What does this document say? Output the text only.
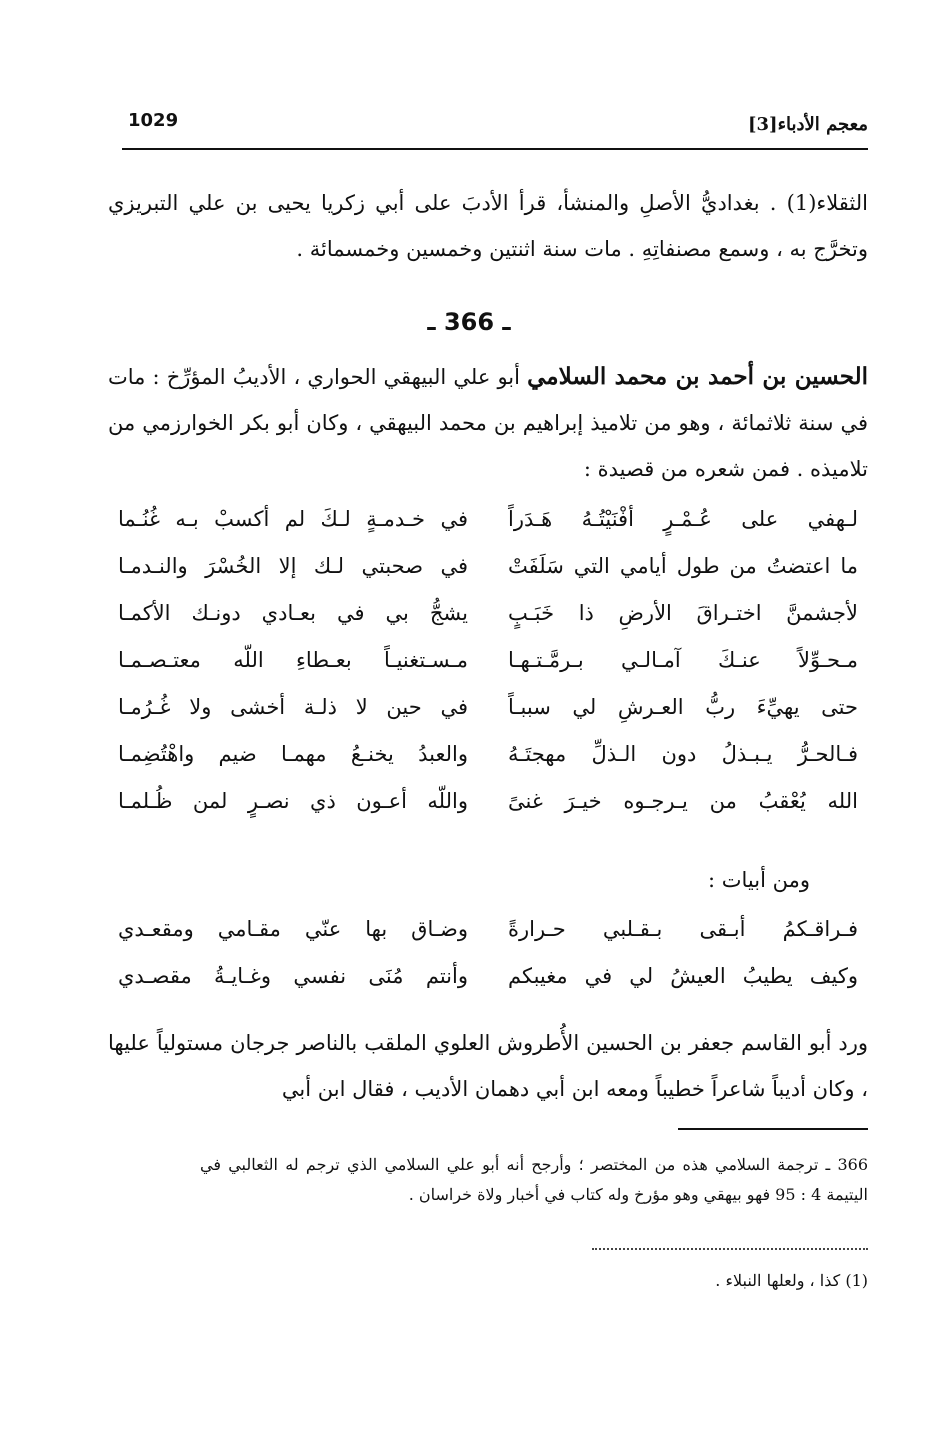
1029	معجم الأدباء[3]
الثقلاء(1) . بغداديُّ الأصلِ والمنشأ، قرأ الأدبَ على أبي زكريا يحيى بن علي التبريزي وتخرَّج به ، وسمع مصنفاتِهِ . مات سنة اثنتين وخمسين وخمسمائة .
ـ 366 ـ
الحسين بن أحمد بن محمد السلامي أبو علي البيهقي الحواري ، الأديبُ المؤرِّخ : مات في سنة ثلاثمائة ، وهو من تلاميذ إبراهيم بن محمد البيهقي ، وكان أبو بكر الخوارزمي من تلاميذه . فمن شعره من قصيدة :
لـهفي على عُـمْـرٍ أفْنَيْتُـهُ هَـدَراً
في خـدمـةٍ لـكَ لم أكسبْ بـه غُنُـما
ما اعتضتُ من طول أيامي التي سَلَفَتْ
في صحبتي لـك إلا الخُسْرَ والنـدمـا
لأجشمنَّ اختـراقَ الأرضِ ذا خَبَـبٍ
يشجُّ بي في بعـادي دونـك الأكمـا
مـحـوِّلاً عنـكَ آمـالـي بـرمَّـتـهـا
مـسـتغنيـاً بعـطاءِ اللّه معتـصـمـا
حتى يهيِّءَ ربُّ العـرشِ لي سببـاً
في حين لا ذلـة أخشى ولا غُـرُمـا
فـالحـرُّ يـبـذلُ دون الـذلِّ مهجتَـهُ
والعبدُ يخنـعُ مهمـا ضيم واهْتُضِمـا
الله يُعْقبُ من يـرجـوه خيـرَ غنىً
واللّه أعـون ذي نصـرٍ لمن ظُـلمـا
ومن أبيات :
فـراقـكمُ أبـقى بـقـلبي حـرارةً
وضـاق بها عنّي مقـامي ومقعـدي
وكيف يطيبُ العيشُ لي في مغيبكم
وأنتم مُنَى نفسي وغـايـةُ مقصـدي
ورد أبو القاسم جعفر بن الحسين الأُطروش العلوي الملقب بالناصر جرجان مستولياً عليها ، وكان أديباً شاعراً خطيباً ومعه ابن أبي دهمان الأديب ، فقال ابن أبي
366 ـ ترجمة السلامي هذه من المختصر ؛ وأرجح أنه أبو علي السلامي الذي ترجم له الثعالبي في اليتيمة 4 : 95 فهو بيهقي وهو مؤرخ وله كتاب في أخبار ولاة خراسان .
(1) كذا ، ولعلها النبلاء .
